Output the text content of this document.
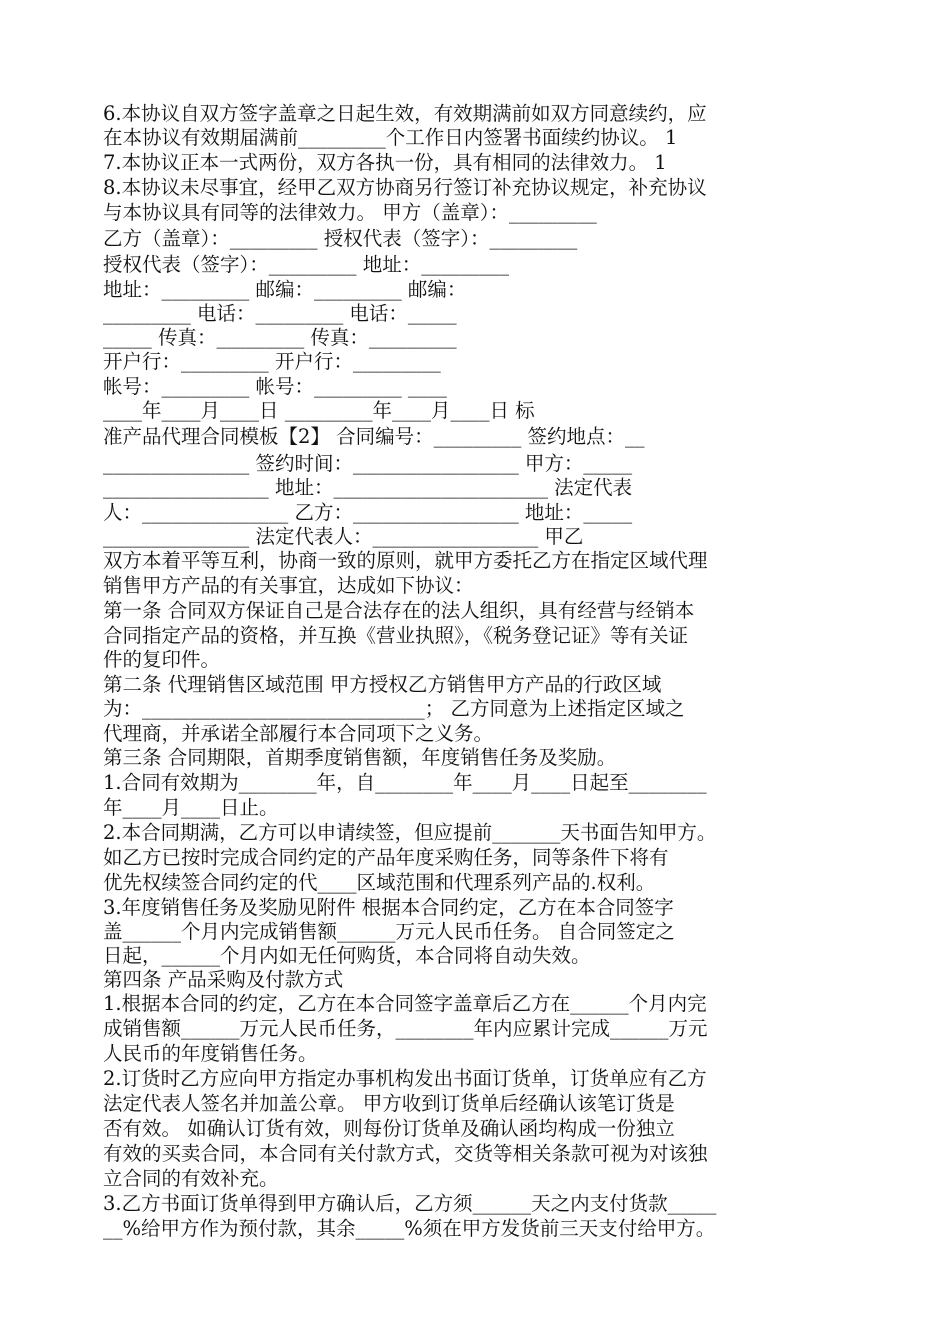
6.本协议自双方签字盖章之日起生效，有效期满前如双方同意续约，应
在本协议有效期届满前_________个工作日内签署书面续约协议。 1
7.本协议正本一式两份，双方各执一份，具有相同的法律效力。 1
8.本协议未尽事宜，经甲乙双方协商另行签订补充协议规定，补充协议
与本协议具有同等的法律效力。 甲方（盖章）：_________
乙方（盖章）：_________ 授权代表（签字）：_________
授权代表（签字）：_________ 地址：_________
地址：_________ 邮编：_________ 邮编：
_________ 电话：_________ 电话：_____
_____ 传真：_________ 传真：_________
开户行：_________ 开户行：_________
帐号：_________ 帐号：_________ ____
____年____月____日 _________年____月____日 标
准产品代理合同模板【2】 合同编号：_________ 签约地点：__
_______________ 签约时间：_________________ 甲方：_____
_________________ 地址：______________________ 法定代表
人：_______________ 乙方：_________________ 地址：_____
_______________ 法定代表人：_________________ 甲乙
双方本着平等互利，协商一致的原则，就甲方委托乙方在指定区域代理
销售甲方产品的有关事宜，达成如下协议：
第一条 合同双方保证自己是合法存在的法人组织，具有经营与经销本
合同指定产品的资格，并互换《营业执照》，《税务登记证》等有关证
件的复印件。
第二条 代理销售区域范围 甲方授权乙方销售甲方产品的行政区域
为：_____________________________； 乙方同意为上述指定区域之
代理商，并承诺全部履行本合同项下之义务。
第三条 合同期限，首期季度销售额，年度销售任务及奖励。
1.合同有效期为________年，自________年____月____日起至________
年____月____日止。
2.本合同期满，乙方可以申请续签，但应提前_______天书面告知甲方。
如乙方已按时完成合同约定的产品年度采购任务，同等条件下将有
优先权续签合同约定的代____区域范围和代理系列产品的.权利。
3.年度销售任务及奖励见附件 根据本合同约定，乙方在本合同签字
盖______个月内完成销售额______万元人民币任务。 自合同签定之
日起，______个月内如无任何购货，本合同将自动失效。
第四条 产品采购及付款方式
1.根据本合同的约定，乙方在本合同签字盖章后乙方在______个月内完
成销售额______万元人民币任务，________年内应累计完成______万元
人民币的年度销售任务。
2.订货时乙方应向甲方指定办事机构发出书面订货单，订货单应有乙方
法定代表人签名并加盖公章。 甲方收到订货单后经确认该笔订货是
否有效。 如确认订货有效，则每份订货单及确认函均构成一份独立
有效的买卖合同，本合同有关付款方式，交货等相关条款可视为对该独
立合同的有效补充。
3.乙方书面订货单得到甲方确认后，乙方须______天之内支付货款_____
__%给甲方作为预付款，其余_____%须在甲方发货前三天支付给甲方。
